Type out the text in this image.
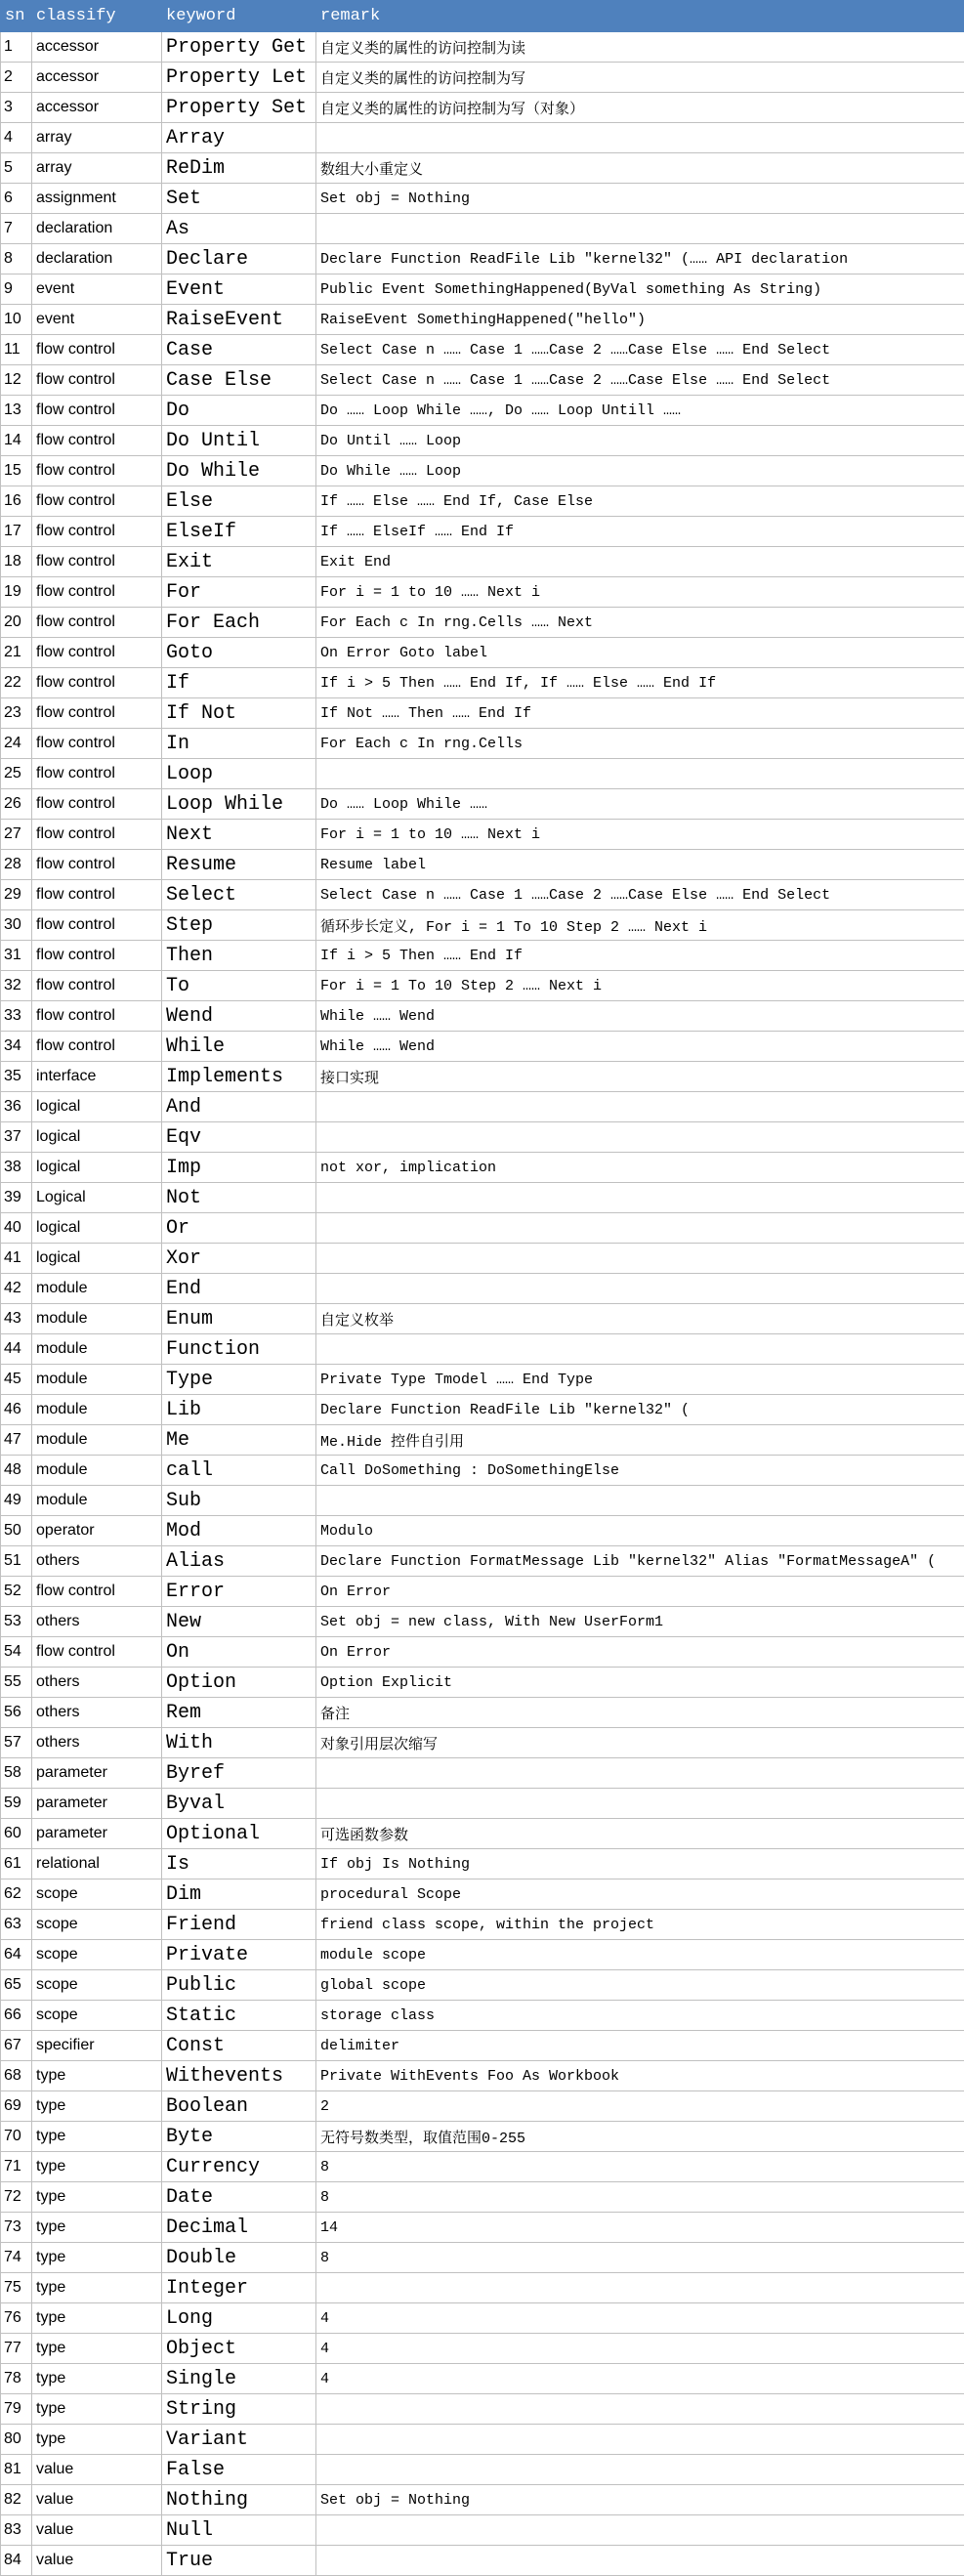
sn	classify	keyword	remark
1	accessor	Property Get	自定义类的属性的访问控制为读
2	accessor	Property Let	自定义类的属性的访问控制为写
3	accessor	Property Set	自定义类的属性的访问控制为写（对象）
4	array	Array	
5	array	ReDim	数组大小重定义
6	assignment	Set	Set obj = Nothing
7	declaration	As	
8	declaration	Declare	Declare Function ReadFile Lib "kernel32" (…… API declaration
9	event	Event	Public Event SomethingHappened(ByVal something As String)
10	event	RaiseEvent	RaiseEvent SomethingHappened("hello")
11	flow control	Case	Select Case n …… Case 1 ……Case 2 ……Case Else …… End Select
12	flow control	Case Else	Select Case n …… Case 1 ……Case 2 ……Case Else …… End Select
13	flow control	Do	Do …… Loop While ……, Do …… Loop Untill ……
14	flow control	Do Until	Do Until …… Loop
15	flow control	Do While	Do While …… Loop
16	flow control	Else	If …… Else …… End If, Case Else
17	flow control	ElseIf	If …… ElseIf …… End If
18	flow control	Exit	Exit End
19	flow control	For	For i = 1 to 10 …… Next i
20	flow control	For Each	For Each c In rng.Cells …… Next
21	flow control	Goto	On Error Goto label
22	flow control	If	If i > 5 Then …… End If, If …… Else …… End If
23	flow control	If Not	If Not …… Then …… End If
24	flow control	In	For Each c In rng.Cells
25	flow control	Loop	
26	flow control	Loop While	Do …… Loop While ……
27	flow control	Next	For i = 1 to 10 …… Next i
28	flow control	Resume	Resume label
29	flow control	Select	Select Case n …… Case 1 ……Case 2 ……Case Else …… End Select
30	flow control	Step	循环步长定义, For i = 1 To 10 Step 2 …… Next i
31	flow control	Then	If i > 5 Then …… End If
32	flow control	To	For i = 1 To 10 Step 2 …… Next i
33	flow control	Wend	While …… Wend
34	flow control	While	While …… Wend
35	interface	Implements	接口实现
36	logical	And	
37	logical	Eqv	
38	logical	Imp	not xor, implication
39	Logical	Not	
40	logical	Or	
41	logical	Xor	
42	module	End	
43	module	Enum	自定义枚举
44	module	Function	
45	module	Type	Private Type Tmodel …… End Type
46	module	Lib	Declare Function ReadFile Lib "kernel32" (
47	module	Me	Me.Hide 控件自引用
48	module	call	Call DoSomething : DoSomethingElse
49	module	Sub	
50	operator	Mod	Modulo
51	others	Alias	Declare Function FormatMessage Lib "kernel32" Alias "FormatMessageA" (
52	flow control	Error	On Error
53	others	New	Set obj = new class, With New UserForm1
54	flow control	On	On Error
55	others	Option	Option Explicit
56	others	Rem	备注
57	others	With	对象引用层次缩写
58	parameter	Byref	
59	parameter	Byval	
60	parameter	Optional	可选函数参数
61	relational	Is	If obj Is Nothing
62	scope	Dim	procedural Scope
63	scope	Friend	friend class scope, within the project
64	scope	Private	module scope
65	scope	Public	global scope
66	scope	Static	storage class
67	specifier	Const	delimiter
68	type	Withevents	Private WithEvents Foo As Workbook
69	type	Boolean	2
70	type	Byte	无符号数类型，取值范围0-255
71	type	Currency	8
72	type	Date	8
73	type	Decimal	14
74	type	Double	8
75	type	Integer	
76	type	Long	4
77	type	Object	4
78	type	Single	4
79	type	String	
80	type	Variant	
81	value	False	
82	value	Nothing	Set obj = Nothing
83	value	Null	
84	value	True	
